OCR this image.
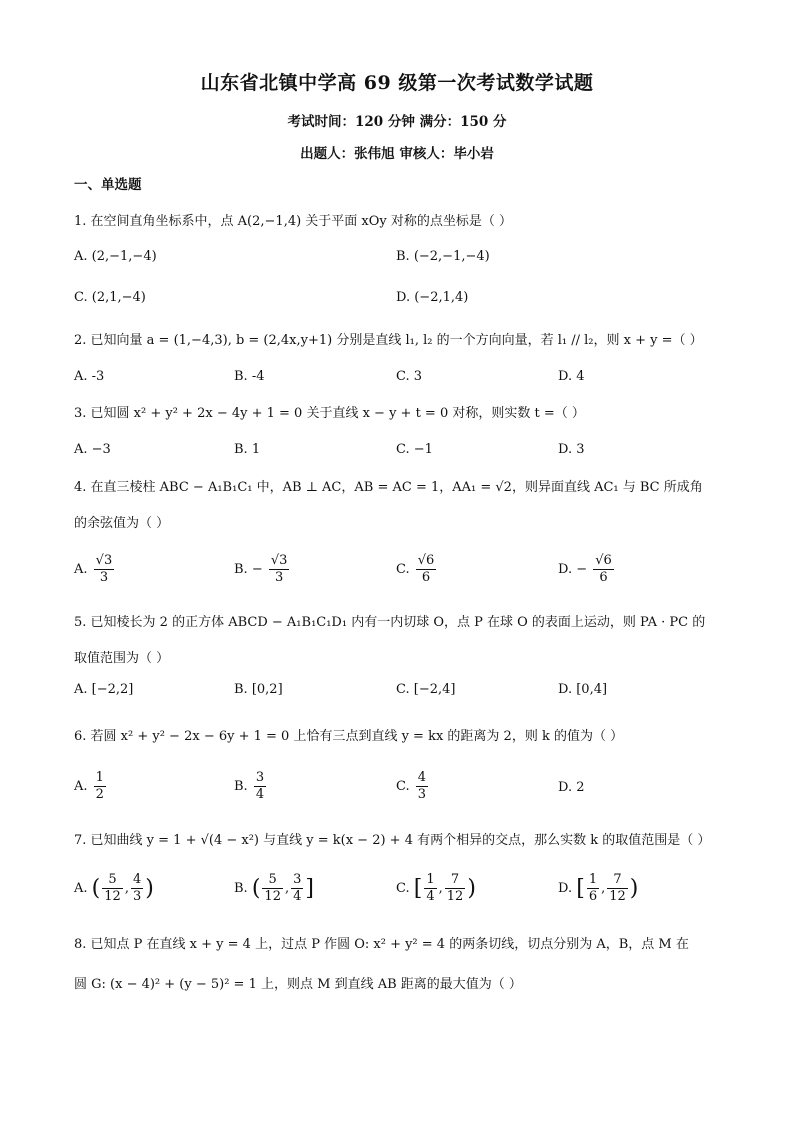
山东省北镇中学高 69 级第一次考试数学试题
考试时间：120 分钟 满分：150 分
出题人：张伟旭 审核人：毕小岩
一、单选题
1. 在空间直角坐标系中，点 A(2,−1,4) 关于平面 xOy 对称的点坐标是（ ）
A. (2,−1,−4)	B. (−2,−1,−4)
C. (2,1,−4)	D. (−2,1,4)
2. 已知向量 a = (1,−4,3), b = (2,4x,y+1) 分别是直线 l₁, l₂ 的一个方向向量，若 l₁ // l₂，则 x + y =（ ）
A. -3	B. -4	C. 3	D. 4
3. 已知圆 x² + y² + 2x − 4y + 1 = 0 关于直线 x − y + t = 0 对称，则实数 t =（ ）
A. −3	B. 1	C. −1	D. 3
4. 在直三棱柱 ABC − A₁B₁C₁ 中，AB ⊥ AC，AB = AC = 1，AA₁ = √2，则异面直线 AC₁ 与 BC 所成角
的余弦值为（ ）
A. $\frac{√3}{3}$	B. − $\frac{√3}{3}$	C. $\frac{√6}{6}$	D. − $\frac{√6}{6}$
5. 已知棱长为 2 的正方体 ABCD − A₁B₁C₁D₁ 内有一内切球 O，点 P 在球 O 的表面上运动，则 PA · PC 的
取值范围为（ ）
A. [−2,2]	B. [0,2]	C. [−2,4]	D. [0,4]
6. 若圆 x² + y² − 2x − 6y + 1 = 0 上恰有三点到直线 y = kx 的距离为 2，则 k 的值为（ ）
A. $\frac{1}{2}$	B. $\frac{3}{4}$	C. $\frac{4}{3}$	D. 2
7. 已知曲线 y = 1 + √(4 − x²) 与直线 y = k(x − 2) + 4 有两个相异的交点，那么实数 k 的取值范围是（ ）
A. ( $\frac{5}{12}$ , $\frac{4}{3}$ )	B. ( $\frac{5}{12}$ , $\frac{3}{4}$ ]	C. [ $\frac{1}{4}$ , $\frac{7}{12}$ )	D. [ $\frac{1}{6}$ , $\frac{7}{12}$ )
8. 已知点 P 在直线 x + y = 4 上，过点 P 作圆 O: x² + y² = 4 的两条切线，切点分别为 A，B，点 M 在
圆 G: (x − 4)² + (y − 5)² = 1 上，则点 M 到直线 AB 距离的最大值为（ ）
